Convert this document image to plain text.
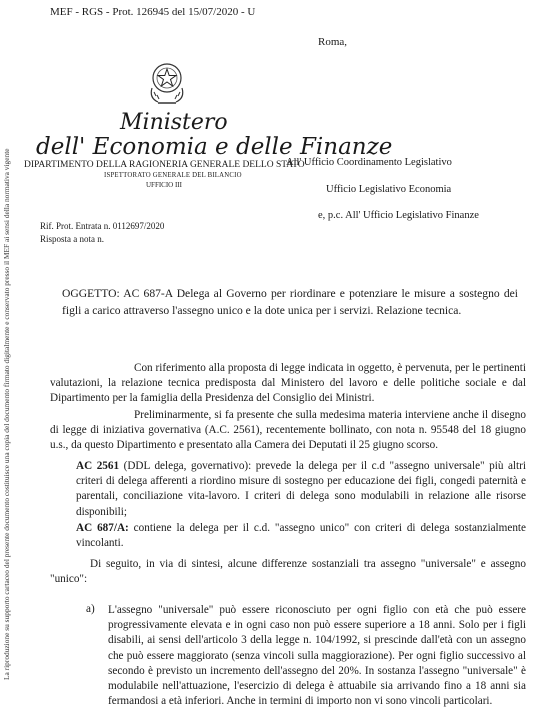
La riproduzione su supporto cartaceo del presente documento costituisce una copia del documento firmato digitalmente e conservato presso il MEF ai sensi della normativa vigente
MEF - RGS - Prot. 126945 del 15/07/2020 - U
Roma,
Ministero
dell' Economia e delle Finanze
DIPARTIMENTO DELLA RAGIONERIA GENERALE DELLO STATO
ISPETTORATO GENERALE DEL BILANCIO
UFFICIO III
All' Ufficio Coordinamento Legislativo
Ufficio Legislativo Economia
e, p.c. All' Ufficio Legislativo Finanze
Rif. Prot. Entrata n. 0112697/2020
Risposta a nota n.
OGGETTO: AC 687-A Delega al Governo per riordinare e potenziare le misure a sostegno dei figli a carico attraverso l'assegno unico e la dote unica per i servizi. Relazione tecnica.
Con riferimento alla proposta di legge indicata in oggetto, è pervenuta, per le pertinenti valutazioni, la relazione tecnica predisposta dal Ministero del lavoro e delle politiche sociale e dal Dipartimento per la famiglia della Presidenza del Consiglio dei Ministri.
Preliminarmente, si fa presente che sulla medesima materia interviene anche il disegno di legge di iniziativa governativa (A.C. 2561), recentemente bollinato, con nota n. 95548 del 18 giugno u.s., da questo Dipartimento e presentato alla Camera dei Deputati il 25 giugno scorso.
AC 2561 (DDL delega, governativo): prevede la delega per il c.d "assegno universale" più altri criteri di delega afferenti a riordino misure di sostegno per educazione dei figli, congedi paternità e parentali, conciliazione vita-lavoro. I criteri di delega sono modulabili in relazione alle risorse disponibili;
AC 687/A: contiene la delega per il c.d. "assegno unico" con criteri di delega sostanzialmente vincolanti.
Di seguito, in via di sintesi, alcune differenze sostanziali tra assegno "universale" e assegno "unico":
a) L'assegno "universale" può essere riconosciuto per ogni figlio con età che può essere progressivamente elevata e in ogni caso non può essere superiore a 18 anni. Solo per i figli disabili, ai sensi dell'articolo 3 della legge n. 104/1992, si prescinde dall'età con un assegno che può essere maggiorato (senza vincoli sulla maggiorazione). Per ogni figlio successivo al secondo è previsto un incremento dell'assegno del 20%. In sostanza l'assegno "universale" è modulabile nell'attuazione, l'esercizio di delega è attuabile sia arrivando fino a 18 anni sia fermandosi a età inferiori. Anche in termini di importo non vi sono vincoli particolari.
